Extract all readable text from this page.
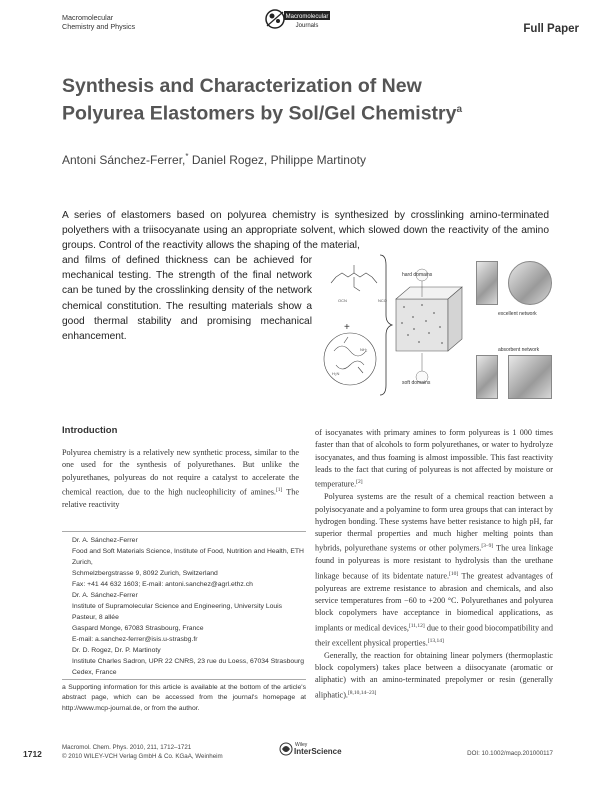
Macromolecular
Chemistry and Physics
Macromolecular
Journals	Full Paper
Synthesis and Characterization of New
Polyurea Elastomers by Sol/Gel Chemistry$^a$
Antoni Sánchez-Ferrer,* Daniel Rogez, Philippe Martinoty
A series of elastomers based on polyurea chemistry is synthesized by crosslinking amino-terminated polyethers with a triisocyanate using an appropriate solvent, which slowed down the reactivity of the amino groups. Control of the reactivity allows the shaping of the material,
and films of defined thickness can be achieved for mechanical testing. The strength of the final network can be tuned by the crosslinking density of the network chemical constitution. The resulting materials show a good thermal stability and promising mechanical enhancement.
OCN	NCO
+
NH₂
H₂N
hard domains
soft domains
excellent network
absorbent network
Introduction
Polyurea chemistry is a relatively new synthetic process, similar to the one used for the synthesis of polyurethanes. But unlike the polyurethanes, polyureas do not require a catalyst to accelerate the chemical reaction, due to the high nucleophilicity of amines.[1] The relative reactivity

of isocyanates with primary amines to form polyureas is 1 000 times faster than that of alcohols to form polyurethanes, or water to hydrolyze isocyanates, and thus foaming is almost impossible. This fast reactivity leads to the fact that curing of polyureas is not affected by moisture or temperature.[2]

Polyurea systems are the result of a chemical reaction between a polyisocyanate and a polyamine to form urea groups that can interact by hydrogen bonding. These systems have better resistance to high pH, far superior thermal properties and much higher melting points than hybrids, polyurethane systems or other polymers.[3–9] The urea linkage found in polyureas is more resistant to hydrolysis than the urethane linkage because of its bidentate nature.[10] The greatest advantages of polyureas are extreme resistance to abrasion and chemicals, and also service temperatures from −60 to +200 °C. Polyurethanes and polyurea block copolymers have acceptance in biomedical applications, as implants or medical devices,[11,12] due to their good biocompatibility and their excellent physical properties.[13,14]

Generally, the reaction for obtaining linear polymers (thermoplastic block copolymers) takes place between a diisocyanate (aromatic or aliphatic) with an amino-terminated prepolymer or resin (generally aliphatic).[8,10,14–23]

Dr. A. Sánchez-Ferrer
Food and Soft Materials Science, Institute of Food, Nutrition and Health, ETH Zurich,
Schmelzbergstrasse 9, 8092 Zurich, Switzerland
Fax: +41 44 632 1603; E-mail: antoni.sanchez@agrl.ethz.ch
Dr. A. Sánchez-Ferrer
Institute of Supramolecular Science and Engineering, University Louis Pasteur, 8 allée
Gaspard Monge, 67083 Strasbourg, France
E-mail: a.sanchez-ferrer@isis.u-strasbg.fr
Dr. D. Rogez, Dr. P. Martinoty
Institute Charles Sadron, UPR 22 CNRS, 23 rue du Loess, 67034 Strasbourg Cedex, France
a Supporting information for this article is available at the bottom of the article's abstract page, which can be accessed from the journal's homepage at http://www.mcp-journal.de, or from the author.
1712
Macromol. Chem. Phys. 2010, 211, 1712–1721
© 2010 WILEY-VCH Verlag GmbH & Co. KGaA, Weinheim
Wiley
InterScience	DOI: 10.1002/macp.201000117
